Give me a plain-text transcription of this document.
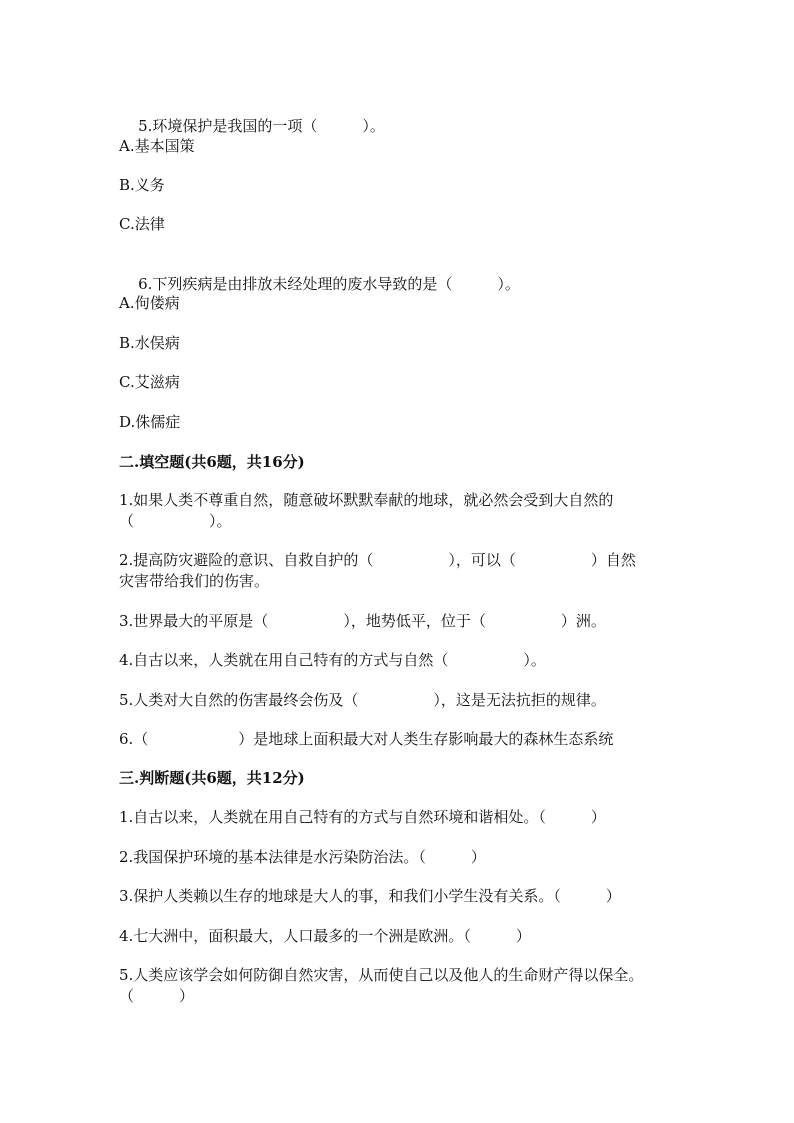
5.环境保护是我国的一项（　　　）。

A.基本国策
B.义务
C.法律

6.下列疾病是由排放未经处理的废水导致的是（　　　）。

A.佝偻病
B.水俣病
C.艾滋病
D.侏儒症
二.填空题(共6题，共16分)
1.如果人类不尊重自然，随意破坏默默奉献的地球，就必然会受到大自然的
（　　　　　）。
2.提高防灾避险的意识、自救自护的（　　　　　），可以（　　　　　）自然
灾害带给我们的伤害。
3.世界最大的平原是（　　　　　），地势低平，位于（　　　　　）洲。
4.自古以来，人类就在用自己特有的方式与自然（　　　　　）。
5.人类对大自然的伤害最终会伤及（　　　　　），这是无法抗拒的规律。
6.（　　　　　　）是地球上面积最大对人类生存影响最大的森林生态系统
三.判断题(共6题，共12分)
1.自古以来，人类就在用自己特有的方式与自然环境和谐相处。（　　　）
2.我国保护环境的基本法律是水污染防治法。（　　　）
3.保护人类赖以生存的地球是大人的事，和我们小学生没有关系。（　　　）
4.七大洲中，面积最大，人口最多的一个洲是欧洲。（　　　）
5.人类应该学会如何防御自然灾害，从而使自己以及他人的生命财产得以保全。
（　　　）
